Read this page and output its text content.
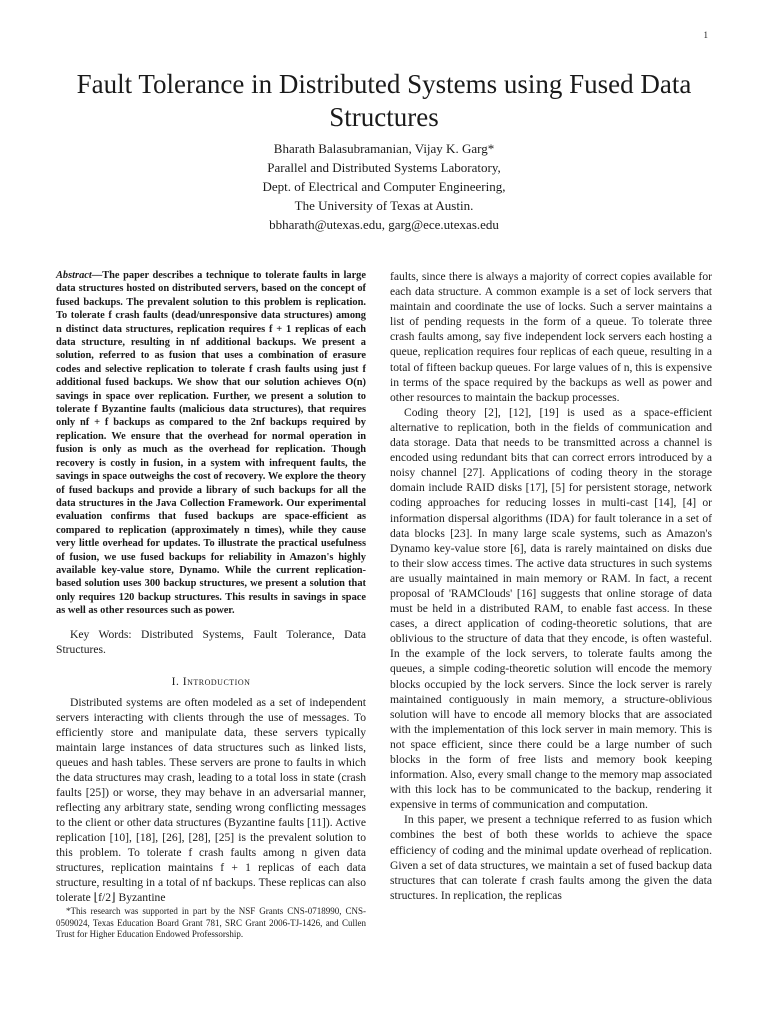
1
Fault Tolerance in Distributed Systems using Fused Data Structures
Bharath Balasubramanian, Vijay K. Garg*
Parallel and Distributed Systems Laboratory,
Dept. of Electrical and Computer Engineering,
The University of Texas at Austin.
bbharath@utexas.edu, garg@ece.utexas.edu

Abstract—The paper describes a technique to tolerate faults in large data structures hosted on distributed servers, based on the concept of fused backups. The prevalent solution to this problem is replication. To tolerate f crash faults (dead/unresponsive data structures) among n distinct data structures, replication requires f + 1 replicas of each data structure, resulting in nf additional backups. We present a solution, referred to as fusion that uses a combination of erasure codes and selective replication to tolerate f crash faults using just f additional fused backups. We show that our solution achieves O(n) savings in space over replication. Further, we present a solution to tolerate f Byzantine faults (malicious data structures), that requires only nf + f backups as compared to the 2nf backups required by replication. We ensure that the overhead for normal operation in fusion is only as much as the overhead for replication. Though recovery is costly in fusion, in a system with infrequent faults, the savings in space outweighs the cost of recovery. We explore the theory of fused backups and provide a library of such backups for all the data structures in the Java Collection Framework. Our experimental evaluation confirms that fused backups are space-efficient as compared to replication (approximately n times), while they cause very little overhead for updates. To illustrate the practical usefulness of fusion, we use fused backups for reliability in Amazon's highly available key-value store, Dynamo. While the current replication-based solution uses 300 backup structures, we present a solution that only requires 120 backup structures. This results in savings in space as well as other resources such as power.

Key Words: Distributed Systems, Fault Tolerance, Data Structures.

I. Introduction

Distributed systems are often modeled as a set of independent servers interacting with clients through the use of messages. To efficiently store and manipulate data, these servers typically maintain large instances of data structures such as linked lists, queues and hash tables. These servers are prone to faults in which the data structures may crash, leading to a total loss in state (crash faults [25]) or worse, they may behave in an adversarial manner, reflecting any arbitrary state, sending wrong conflicting messages to the client or other data structures (Byzantine faults [11]). Active replication [10], [18], [26], [28], [25] is the prevalent solution to this problem. To tolerate f crash faults among n given data structures, replication maintains f + 1 replicas of each data structure, resulting in a total of nf backups. These replicas can also tolerate ⌊f/2⌋ Byzantine

*This research was supported in part by the NSF Grants CNS-0718990, CNS-0509024, Texas Education Board Grant 781, SRC Grant 2006-TJ-1426, and Cullen Trust for Higher Education Endowed Professorship.

faults, since there is always a majority of correct copies available for each data structure. A common example is a set of lock servers that maintain and coordinate the use of locks. Such a server maintains a list of pending requests in the form of a queue. To tolerate three crash faults among, say five independent lock servers each hosting a queue, replication requires four replicas of each queue, resulting in a total of fifteen backup queues. For large values of n, this is expensive in terms of the space required by the backups as well as power and other resources to maintain the backup processes.

Coding theory [2], [12], [19] is used as a space-efficient alternative to replication, both in the fields of communication and data storage. Data that needs to be transmitted across a channel is encoded using redundant bits that can correct errors introduced by a noisy channel [27]. Applications of coding theory in the storage domain include RAID disks [17], [5] for persistent storage, network coding approaches for reducing losses in multi-cast [14], [4] or information dispersal algorithms (IDA) for fault tolerance in a set of data blocks [23]. In many large scale systems, such as Amazon's Dynamo key-value store [6], data is rarely maintained on disks due to their slow access times. The active data structures in such systems are usually maintained in main memory or RAM. In fact, a recent proposal of 'RAMClouds' [16] suggests that online storage of data must be held in a distributed RAM, to enable fast access. In these cases, a direct application of coding-theoretic solutions, that are oblivious to the structure of data that they encode, is often wasteful. In the example of the lock servers, to tolerate faults among the queues, a simple coding-theoretic solution will encode the memory blocks occupied by the lock servers. Since the lock server is rarely maintained contiguously in main memory, a structure-oblivious solution will have to encode all memory blocks that are associated with the implementation of this lock server in main memory. This is not space efficient, since there could be a large number of such blocks in the form of free lists and memory book keeping information. Also, every small change to the memory map associated with this lock has to be communicated to the backup, rendering it expensive in terms of communication and computation.

In this paper, we present a technique referred to as fusion which combines the best of both these worlds to achieve the space efficiency of coding and the minimal update overhead of replication. Given a set of data structures, we maintain a set of fused backup data structures that can tolerate f crash faults among the given the data structures. In replication, the replicas
